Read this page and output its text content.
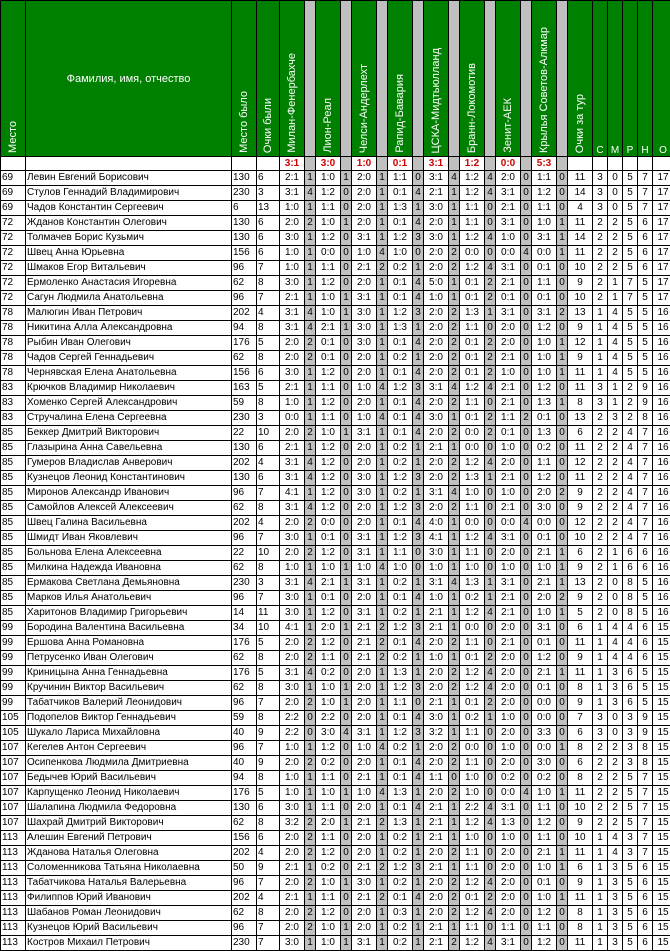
Место	Фамилия, имя, отчество	Место было	Очки были	Милан-Фенербахче		Лион-Реал		Челси-Андерлехт		Рапид-Бавария		ЦСКА-Мидтьюлланд		Бранн-Локомотив		Зенит-АЕК		Крылья Советов-Алкмар		Очки за тур	С	М	Р	Н	О
				3:1		3:0		1:0		0:1		3:1		1:2		0:0		5:3							
69	Левин Евгений Борисович	130	6	2:1	1	1:0	1	2:0	1	1:1	0	3:1	4	1:2	4	2:0	0	1:1	0	11	3	0	5	7	17
69	Стулов Геннадий Владимирович	230	3	3:1	4	1:2	0	2:0	1	0:1	4	2:1	1	1:2	4	3:1	0	1:2	0	14	3	0	5	7	17
69	Чадов Константин Сергеевич	6	13	1:0	1	1:1	0	2:0	1	1:3	1	3:0	1	1:1	0	2:1	0	1:1	0	4	3	0	5	7	17
72	Жданов Константин Олегович	130	6	2:0	2	1:0	1	2:0	1	0:1	4	2:0	1	1:1	0	3:1	0	1:0	1	11	2	2	5	6	17
72	Толмачев Борис Кузьмич	130	6	3:0	1	1:2	0	3:1	1	1:2	3	3:0	1	1:2	4	1:0	0	3:1	1	14	2	2	5	6	17
72	Швец Анна Юрьевна	156	6	1:0	1	0:0	0	1:0	4	1:0	0	2:0	2	0:0	0	0:0	4	0:0	1	11	2	2	5	6	17
72	Шмаков Егор Витальевич	96	7	1:0	1	1:1	0	2:1	2	0:2	1	2:0	2	1:2	4	3:1	0	0:1	0	10	2	2	5	6	17
72	Ермоленко Анастасия Игоревна	62	8	3:0	1	1:2	0	2:0	1	0:1	4	5:0	1	0:1	2	2:1	0	1:1	0	9	2	1	7	5	17
72	Сагун Людмила Анатольевна	96	7	2:1	1	1:0	1	3:1	1	0:1	4	1:0	1	0:1	2	0:1	0	0:1	0	10	2	1	7	5	17
78	Малюгин Иван Петрович	202	4	3:1	4	1:0	1	3:0	1	1:2	3	2:0	2	1:3	1	3:1	0	3:1	2	13	1	4	5	5	16
78	Никитина Алла Александровна	94	8	3:1	4	2:1	1	3:0	1	1:3	1	2:0	2	1:1	0	2:0	0	1:2	0	9	1	4	5	5	16
78	Рыбин Иван Олегович	176	5	2:0	2	0:1	0	3:0	1	0:1	4	2:0	2	0:1	2	2:0	0	1:0	1	12	1	4	5	5	16
78	Чадов Сергей Геннадьевич	62	8	2:0	2	0:1	0	2:0	1	0:2	1	2:0	2	0:1	2	2:1	0	1:0	1	9	1	4	5	5	16
78	Чернявская Елена Анатольевна	156	6	3:0	1	1:2	0	2:0	1	0:1	4	2:0	2	0:1	2	1:0	0	1:0	1	11	1	4	5	5	16
83	Крючков Владимир Николаевич	163	5	2:1	1	1:1	0	1:0	4	1:2	3	3:1	4	1:2	4	2:1	0	1:2	0	11	3	1	2	9	16
83	Хоменко Сергей Александрович	59	8	1:0	1	1:2	0	2:0	1	0:1	4	2:0	2	1:1	0	2:1	0	1:3	1	8	3	1	2	9	16
83	Стручалина Елена Сергеевна	230	3	0:0	1	1:1	0	1:0	4	0:1	4	3:0	1	0:1	2	1:1	2	0:1	0	13	2	3	2	8	16
85	Беккер Дмитрий Викторович	22	10	2:0	2	1:0	1	3:1	1	0:1	4	2:0	2	0:0	2	0:1	0	1:3	0	6	2	2	4	7	16
85	Глазырина Анна Савельевна	130	6	2:1	1	1:2	0	2:0	1	0:2	1	2:1	1	0:0	0	1:0	0	0:2	0	11	2	2	4	7	16
85	Гумеров Владислав Анверович	202	4	3:1	4	1:2	0	2:0	1	0:2	1	2:0	2	1:2	4	2:0	0	1:1	0	12	2	2	4	7	16
85	Кузнецов Леонид Константинович	130	6	3:1	4	1:2	0	3:0	1	1:2	3	2:0	2	1:3	1	2:1	0	1:2	0	11	2	2	4	7	16
85	Миронов Александр Иванович	96	7	4:1	1	1:2	0	3:0	1	0:2	1	3:1	4	1:0	0	1:0	0	2:0	2	9	2	2	4	7	16
85	Самойлов Алексей Алексеевич	62	8	3:1	4	1:2	0	2:0	1	1:2	3	2:0	2	1:1	0	2:1	0	3:0	0	9	2	2	4	7	16
85	Швец Галина Васильевна	202	4	2:0	2	0:0	0	2:0	1	0:1	4	4:0	1	0:0	0	0:0	4	0:0	0	12	2	2	4	7	16
85	Шмидт Иван Яковлевич	96	7	3:0	1	0:1	0	3:1	1	1:2	3	4:1	1	1:2	4	3:1	0	0:1	0	10	2	2	4	7	16
85	Больнова Елена Алексеевна	22	10	2:0	2	1:2	0	3:1	1	1:1	0	3:0	1	1:1	0	2:0	0	2:1	1	6	2	1	6	6	16
85	Милкина Надежда Ивановна	62	8	1:0	1	1:0	1	1:0	4	1:0	0	1:0	1	1:0	0	1:0	0	1:0	1	9	2	1	6	6	16
85	Ермакова Светлана Демьяновна	230	3	3:1	4	2:1	1	3:1	1	0:2	1	3:1	4	1:3	1	3:1	0	2:1	1	13	2	0	8	5	16
85	Марков Илья Анатольевич	96	7	3:0	1	0:1	0	2:0	1	0:1	4	1:0	1	0:2	1	2:1	0	2:0	2	9	2	0	8	5	16
85	Харитонов Владимир Григорьевич	14	11	3:0	1	1:2	0	3:1	1	0:2	1	2:1	1	1:2	4	2:1	0	1:0	1	5	2	0	8	5	16
99	Бородина Валентина Васильевна	34	10	4:1	1	2:0	1	2:1	2	1:2	3	2:1	1	0:0	0	2:0	0	3:1	0	6	1	4	4	6	15
99	Ершова Анна Романовна	176	5	2:0	2	1:2	0	2:1	2	0:1	4	2:0	2	1:1	0	2:1	0	0:1	0	11	1	4	4	6	15
99	Петрусенко Иван Олегович	62	8	2:0	2	1:1	0	2:1	2	0:2	1	1:0	1	0:1	2	2:0	0	1:2	0	9	1	4	4	6	15
99	Криницына Анна Геннадьевна	176	5	3:1	4	0:2	0	2:0	1	1:3	1	2:0	2	1:2	4	2:0	0	2:1	1	11	1	3	6	5	15
99	Кручинин Виктор Васильевич	62	8	3:0	1	1:0	1	2:0	1	1:2	3	2:0	2	1:2	4	2:0	0	0:1	0	8	1	3	6	5	15
99	Табатчиков Валерий Леонидович	96	7	2:0	2	1:0	1	2:0	1	1:1	0	2:1	1	0:1	2	2:0	0	0:0	0	9	1	3	6	5	15
105	Подопелов Виктор Геннадьевич	59	8	2:2	0	2:2	0	2:0	1	0:1	4	3:0	1	0:2	1	1:0	0	0:0	0	7	3	0	3	9	15
105	Шукало Лариса Михайловна	40	9	2:2	0	3:0	4	3:1	1	1:2	3	3:2	1	1:1	0	2:0	0	3:3	0	6	3	0	3	9	15
107	Кегелев Антон Сергеевич	96	7	1:0	1	1:2	0	1:0	4	0:2	1	2:0	2	0:0	0	1:0	0	0:0	1	8	2	2	3	8	15
107	Осипенкова Людмила Дмитриевна	40	9	2:0	2	0:2	0	2:0	1	0:1	4	2:0	2	1:1	0	2:0	0	3:0	0	6	2	2	3	8	15
107	Бедычев Юрий Васильевич	94	8	1:0	1	1:1	0	2:1	1	0:1	4	1:1	0	1:0	0	0:2	0	0:2	0	8	2	2	5	7	15
107	Карпущенко Леонид Николаевич	176	5	1:0	1	1:0	1	1:0	4	1:3	1	2:0	2	1:0	0	0:0	4	1:0	1	11	2	2	5	7	15
107	Шалапина Людмила Федоровна	130	6	3:0	1	1:1	0	2:0	1	0:1	4	2:1	1	2:2	4	3:1	0	1:1	0	10	2	2	5	7	15
107	Шахрай Дмитрий Викторович	62	8	3:2	2	2:0	1	2:1	2	1:3	1	2:1	1	1:2	4	1:3	0	1:2	0	9	2	2	5	7	15
113	Алешин Евгений Петрович	156	6	2:0	2	1:1	0	2:0	1	0:2	1	2:1	1	1:0	0	1:0	0	1:1	0	10	1	4	3	7	15
113	Жданова Наталья Олеговна	202	4	2:0	2	1:2	0	2:0	1	0:2	1	2:0	2	1:1	0	2:0	0	2:1	1	11	1	4	3	7	15
113	Соломенникова Татьяна Николаевна	50	9	2:1	1	0:2	0	2:1	2	1:2	3	2:1	1	1:1	0	2:0	0	1:0	1	6	1	3	5	6	15
113	Табатчикова Наталья Валерьевна	96	7	2:0	2	1:0	1	3:0	1	0:2	1	2:0	2	1:2	4	2:0	0	0:1	0	9	1	3	5	6	15
113	Филиппов Юрий Иванович	202	4	2:1	1	1:1	0	2:1	2	0:1	4	2:0	2	0:1	2	2:0	0	1:0	1	11	1	3	5	6	15
113	Шабанов Роман Леонидович	62	8	2:0	2	1:2	0	2:0	1	0:3	1	2:0	2	1:2	4	2:0	0	1:2	0	8	1	3	5	6	15
113	Кузнецов Юрий Васильевич	96	7	2:0	2	1:0	1	2:0	1	0:2	1	2:1	1	1:1	0	1:1	0	1:1	0	8	1	3	5	6	15
113	Костров Михаил Петрович	230	7	3:0	1	1:0	1	3:1	1	0:2	1	2:1	2	1:2	4	3:1	0	1:2	0	11	1	3	5	6	15
